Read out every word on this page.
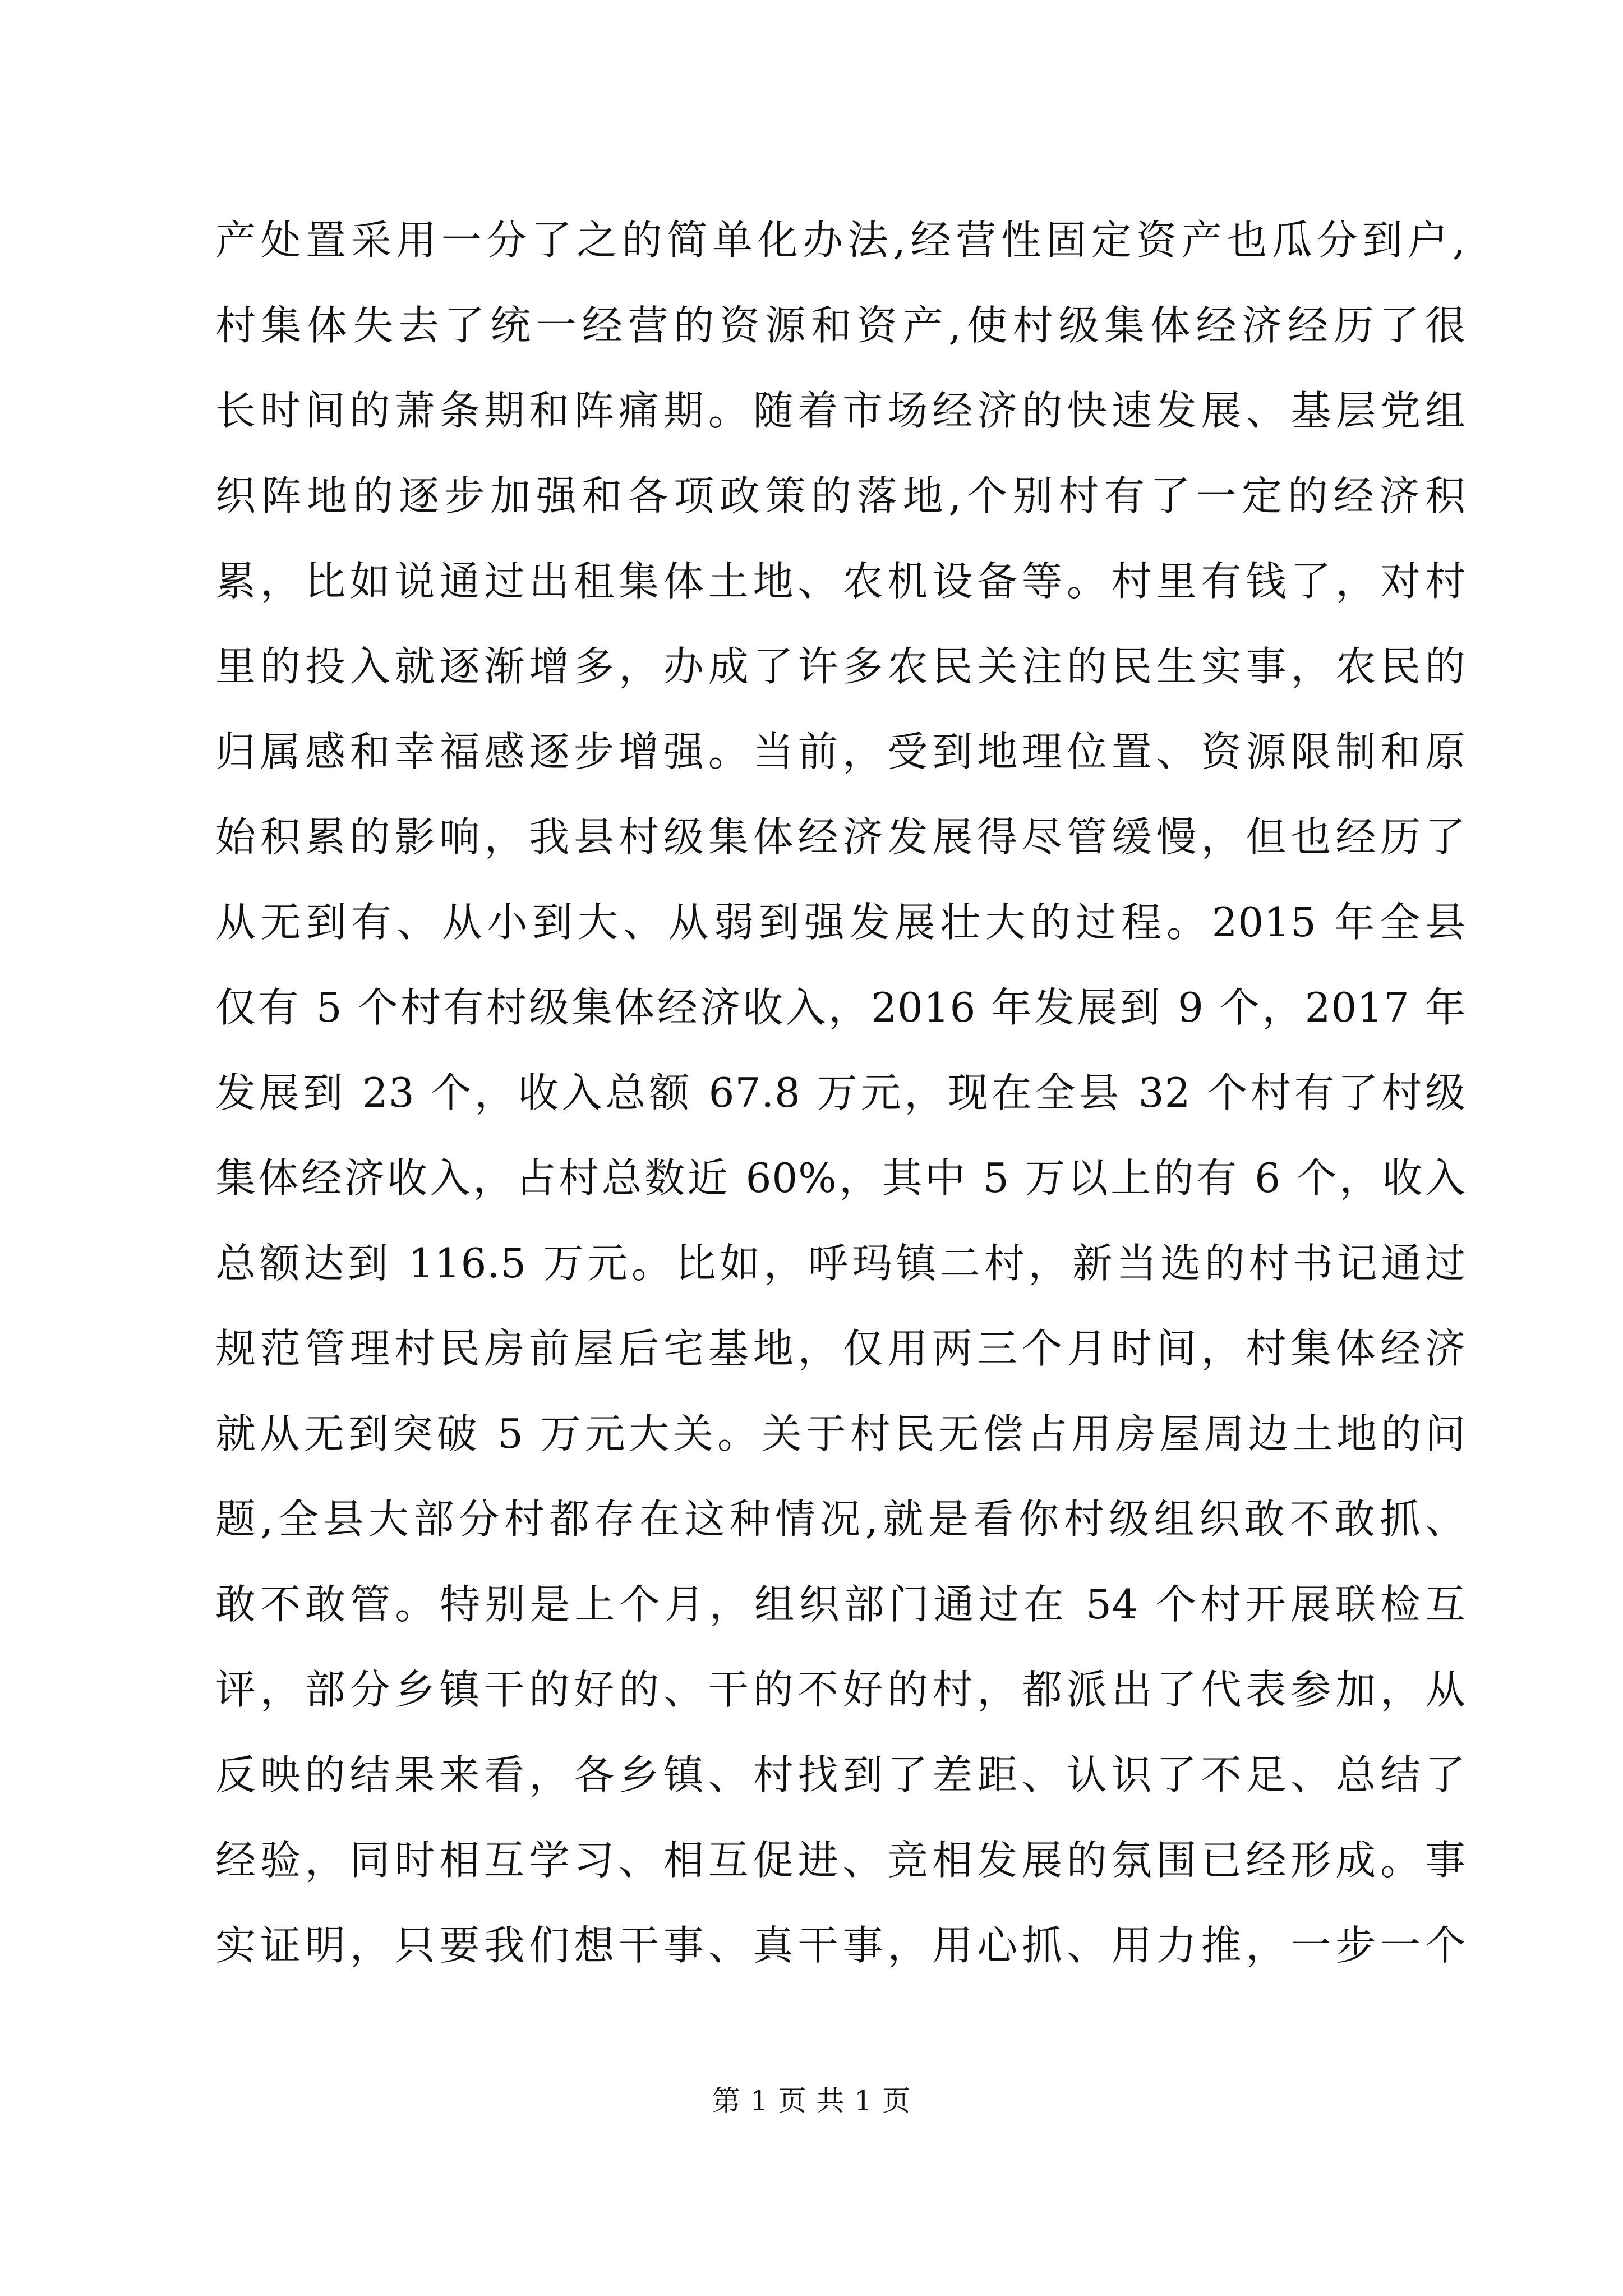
产处置采用一分了之的简单化办法,经营性固定资产也瓜分到户,
村集体失去了统一经营的资源和资产,使村级集体经济经历了很
长时间的萧条期和阵痛期。随着市场经济的快速发展、基层党组
织阵地的逐步加强和各项政策的落地,个别村有了一定的经济积
累，比如说通过出租集体土地、农机设备等。村里有钱了，对村
里的投入就逐渐增多，办成了许多农民关注的民生实事，农民的
归属感和幸福感逐步增强。当前，受到地理位置、资源限制和原
始积累的影响，我县村级集体经济发展得尽管缓慢，但也经历了
从无到有、从小到大、从弱到强发展壮大的过程。2015 年全县
仅有 5 个村有村级集体经济收入，2016 年发展到 9 个，2017 年
发展到 23 个，收入总额 67.8 万元，现在全县 32 个村有了村级
集体经济收入，占村总数近 60%，其中 5 万以上的有 6 个，收入
总额达到 116.5 万元。比如，呼玛镇二村，新当选的村书记通过
规范管理村民房前屋后宅基地，仅用两三个月时间，村集体经济
就从无到突破 5 万元大关。关于村民无偿占用房屋周边土地的问
题,全县大部分村都存在这种情况,就是看你村级组织敢不敢抓、
敢不敢管。特别是上个月，组织部门通过在 54 个村开展联检互
评，部分乡镇干的好的、干的不好的村，都派出了代表参加，从
反映的结果来看，各乡镇、村找到了差距、认识了不足、总结了
经验，同时相互学习、相互促进、竞相发展的氛围已经形成。事
实证明，只要我们想干事、真干事，用心抓、用力推，一步一个
第 1 页 共 1 页
